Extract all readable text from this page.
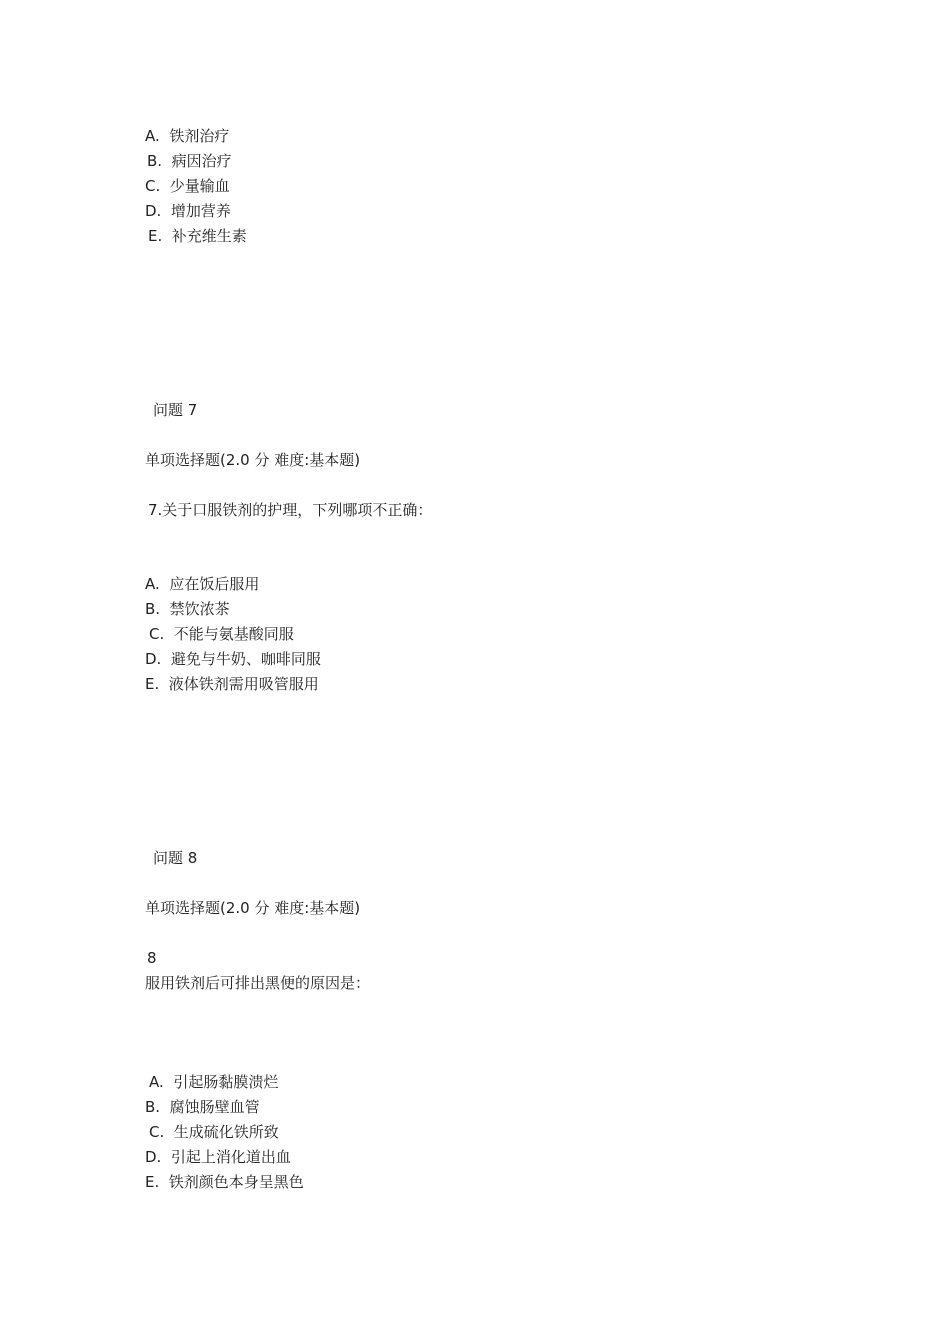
A. 铁剂治疗
B. 病因治疗
C. 少量输血
D. 增加营养
E. 补充维生素
问题 7
单项选择题(2.0 分 难度:基本题)
7.关于口服铁剂的护理，下列哪项不正确：
A. 应在饭后服用
B. 禁饮浓茶
C. 不能与氨基酸同服
D. 避免与牛奶、咖啡同服
E. 液体铁剂需用吸管服用
问题 8
单项选择题(2.0 分 难度:基本题)
8
服用铁剂后可排出黑便的原因是：
A. 引起肠黏膜溃烂
B. 腐蚀肠壁血管
C. 生成硫化铁所致
D. 引起上消化道出血
E. 铁剂颜色本身呈黑色
